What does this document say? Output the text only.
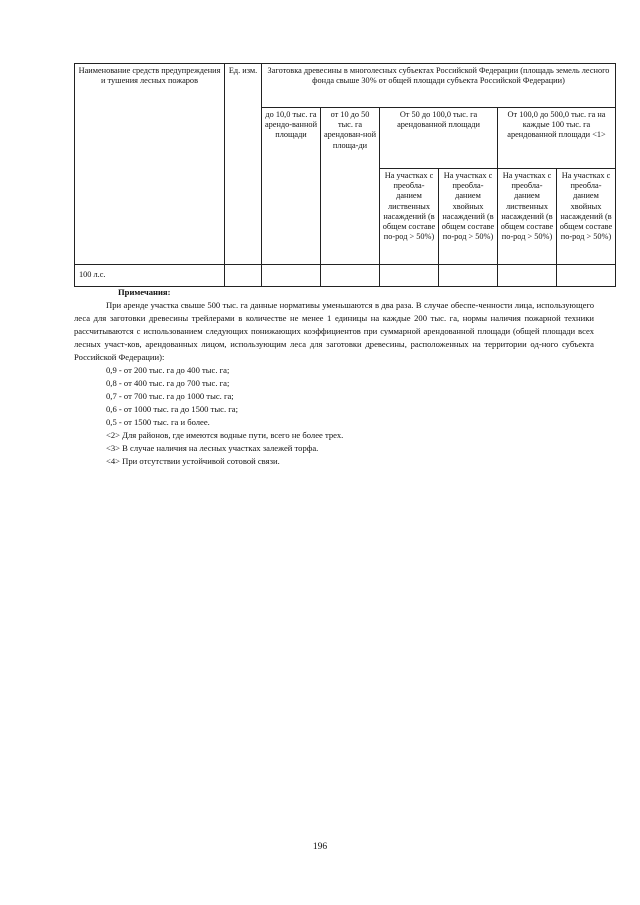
Наименование средств предупреждения и тушения лесных пожаров	Ед. изм.	Заготовка древесины в многолесных субъектах Российской Федерации (площадь земель лесного фонда свыше 30% от общей площади субъекта Российской Федерации)					
		до 10,0 тыс. га арендо-ванной площади	от 10 до 50 тыс. га арендован-ной площа-ди	От 50 до 100,0 тыс. га арендованной площади		От 100,0 до 500,0 тыс. га на каждые 100 тыс. га арендованной площади <1>	
				На участках с преобла-данием лиственных насаждений (в общем составе по-род > 50%)	На участках с преобла-данием хвойных насаждений (в общем составе по-род > 50%)	На участках с преобла-данием лиственных насаждений (в общем составе по-род > 50%)	На участках с преобла-данием хвойных насаждений (в общем составе по-род > 50%)
100 л.с.							
Примечания:

При аренде участка свыше 500 тыс. га данные нормативы уменьшаются в два раза. В случае обеспе-ченности лица, использующего леса для заготовки древесины трейлерами в количестве не менее 1 единицы на каждые 200 тыс. га, нормы наличия пожарной техники рассчитываются с использованием следующих понижающих коэффициентов при суммарной арендованной площади (общей площади всех лесных участ-ков, арендованных лицом, использующим леса для заготовки древесины, расположенных на территории од-ного субъекта Российской Федерации):

0,9 - от 200 тыс. га до 400 тыс. га;

0,8 - от 400 тыс. га до 700 тыс. га;

0,7 - от 700 тыс. га до 1000 тыс. га;

0,6 - от 1000 тыс. га до 1500 тыс. га;

0,5 - от 1500 тыс. га и более.

<2> Для районов, где имеются водные пути, всего не более трех.

<3> В случае наличия на лесных участках залежей торфа.

<4> При отсутствии устойчивой сотовой связи.

196
